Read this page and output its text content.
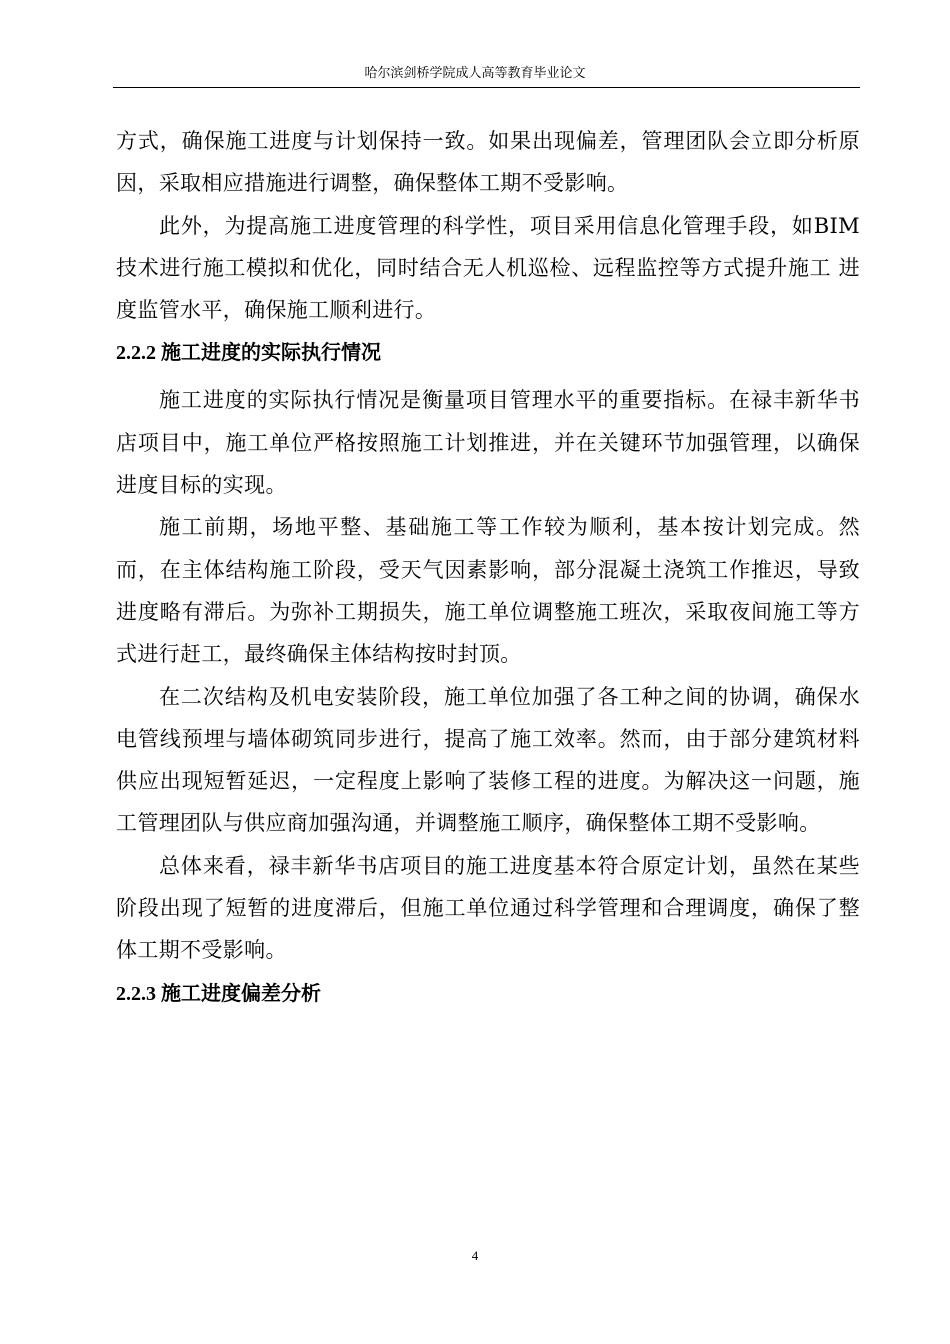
哈尔滨剑桥学院成人高等教育毕业论文

方式，确保施工进度与计划保持一致。如果出现偏差，管理团队会立即分析原因，采取相应措施进行调整，确保整体工期不受影响。

此外，为提高施工进度管理的科学性，项目采用信息化管理手段，如BIM 技术进行施工模拟和优化，同时结合无人机巡检、远程监控等方式提升施工 进度监管水平，确保施工顺利进行。

2.2.2 施工进度的实际执行情况

施工进度的实际执行情况是衡量项目管理水平的重要指标。在禄丰新华书店项目中，施工单位严格按照施工计划推进，并在关键环节加强管理，以确保进度目标的实现。

施工前期，场地平整、基础施工等工作较为顺利，基本按计划完成。然而，在主体结构施工阶段，受天气因素影响，部分混凝土浇筑工作推迟，导致进度略有滞后。为弥补工期损失，施工单位调整施工班次，采取夜间施工等方式进行赶工，最终确保主体结构按时封顶。

在二次结构及机电安装阶段，施工单位加强了各工种之间的协调，确保水电管线预埋与墙体砌筑同步进行，提高了施工效率。然而，由于部分建筑材料供应出现短暂延迟，一定程度上影响了装修工程的进度。为解决这一问题，施工管理团队与供应商加强沟通，并调整施工顺序，确保整体工期不受影响。

总体来看，禄丰新华书店项目的施工进度基本符合原定计划，虽然在某些阶段出现了短暂的进度滞后，但施工单位通过科学管理和合理调度，确保了整体工期不受影响。

2.2.3 施工进度偏差分析
4
